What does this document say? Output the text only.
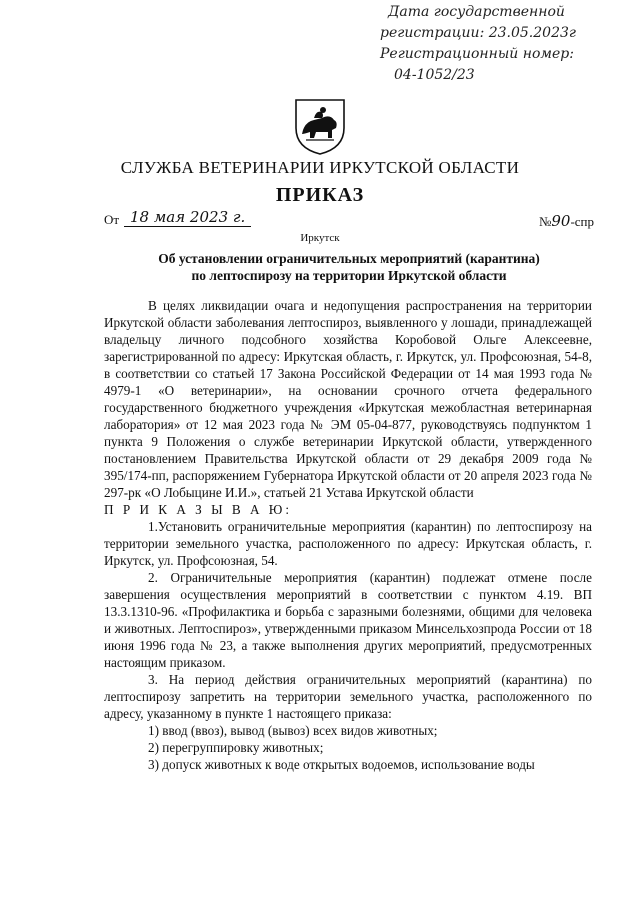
Дата государственной
регистрации: 23.05.2023г
Регистрационный номер:
04-1052/23
СЛУЖБА ВЕТЕРИНАРИИ ИРКУТСКОЙ ОБЛАСТИ
ПРИКАЗ
От 18 мая 2023 г.	№90-спр
Иркутск
Об установлении ограничительных мероприятий (карантина)
по лептоспирозу на территории Иркутской области

В целях ликвидации очага и недопущения распространения на территории Иркутской области заболевания лептоспироз, выявленного у лошади, принадлежащей владельцу личного подсобного хозяйства Коробовой Ольге Алексеевне, зарегистрированной по адресу: Иркутская область, г. Иркутск, ул. Профсоюзная, 54-8, в соответствии со статьей 17 Закона Российской Федерации от 14 мая 1993 года № 4979-1 «О ветеринарии», на основании срочного отчета федерального государственного бюджетного учреждения «Иркутская межобластная ветеринарная лаборатория» от 12 мая 2023 года № ЭМ 05-04-877, руководствуясь подпунктом 1 пункта 9 Положения о службе ветеринарии Иркутской области, утвержденного постановлением Правительства Иркутской области от 29 декабря 2009 года № 395/174-пп, распоряжением Губернатора Иркутской области от 20 апреля 2023 года № 297-рк «О Лобыцине И.И.», статьей 21 Устава Иркутской области

П Р И К А З Ы В А Ю:

1.Установить ограничительные мероприятия (карантин) по лептоспирозу на территории земельного участка, расположенного по адресу: Иркутская область, г. Иркутск, ул. Профсоюзная, 54.

2. Ограничительные мероприятия (карантин) подлежат отмене после завершения осуществления мероприятий в соответствии с пунктом 4.19. ВП 13.3.1310-96. «Профилактика и борьба с заразными болезнями, общими для человека и животных. Лептоспироз», утвержденными приказом Минсельхозпрода России от 18 июня 1996 года № 23, а также выполнения других мероприятий, предусмотренных настоящим приказом.

3. На период действия ограничительных мероприятий (карантина) по лептоспирозу запретить на территории земельного участка, расположенного по адресу, указанному в пункте 1 настоящего приказа:

1) ввод (ввоз), вывод (вывоз) всех видов животных;

2) перегруппировку животных;

3) допуск животных к воде открытых водоемов, использование воды
